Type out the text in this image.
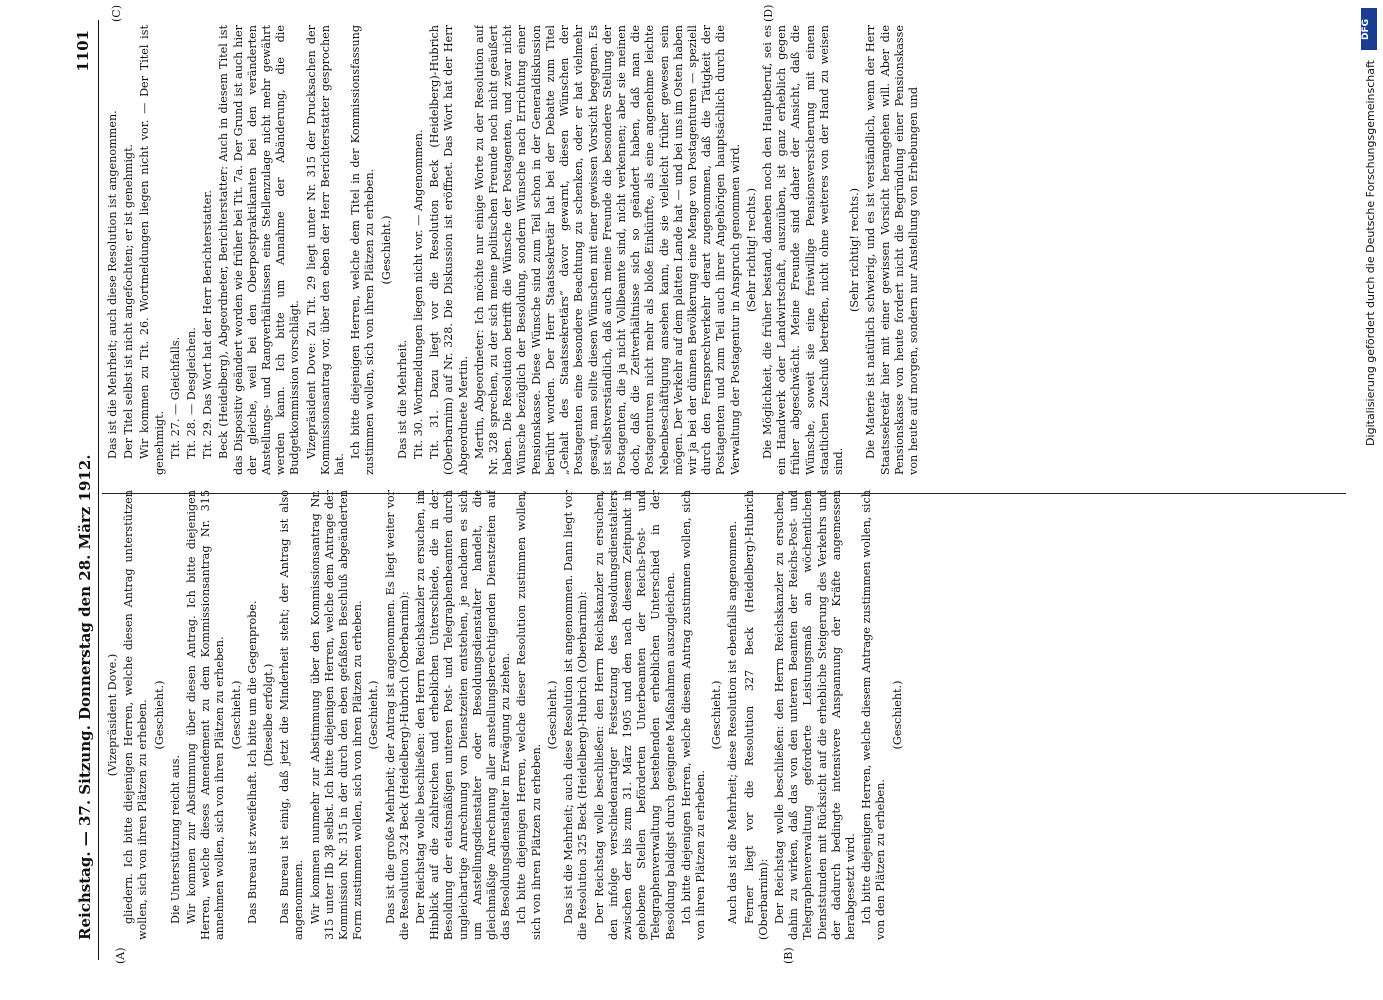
Reichstag. — 37. Sitzung. Donnerstag den 28. März 1912.
1101
(A)	(B)
(C)	(D)

(Vizepräsident Dove.) gliedern. Ich bitte diejenigen Herren, welche diesen Antrag unterstützen wollen, sich von ihren Plätzen zu erheben. (Geschieht.)

Die Unterstützung reicht aus. Wir kommen zur Abstimmung über diesen Antrag. Ich bitte diejenigen Herren, welche dieses Amendement zu dem Kommissionsantrag Nr. 315 annehmen wollen, sich von ihren Plätzen zu erheben. (Geschieht.) Das Bureau ist zweifelhaft. Ich bitte um die Gegenprobe. (Dieselbe erfolgt.) Das Bureau ist einig, daß jetzt die Minderheit steht; der Antrag ist also angenommen. Wir kommen nunmehr zur Abstimmung über den Kommissionsantrag Nr. 315 unter IIb 3β selbst. Ich bitte diejenigen Herren, welche dem Antrage der Kommission Nr. 315 in der durch den eben gefaßten Beschluß abgeänderten Form zustimmen wollen, sich von ihren Plätzen zu erheben. (Geschieht.) Das ist die große Mehrheit; der Antrag ist angenommen. Es liegt weiter vor die Resolution 324 Beck (Heidelberg)-Hubrich (Oberbarnim): Der Reichstag wolle beschließen: den Herrn Reichskanzler zu ersuchen, im Hinblick auf die zahlreichen und erheblichen Unterschiede, die in der Besoldung der etatsmäßigen unteren Post- und Telegraphenbeamten durch ungleichartige Anrechnung von Dienstzeiten entstehen, je nachdem es sich um Anstellungsdienstalter oder Besoldungsdienstalter handelt, die gleichmäßige Anrechnung aller anstellungsberechtigenden Dienstzeiten auf das Besoldungsdienstalter in Erwägung zu ziehen. Ich bitte diejenigen Herren, welche dieser Resolution zustimmen wollen, sich von ihren Plätzen zu erheben.

(Geschieht.) Das ist die Mehrheit; auch diese Resolution ist angenommen. Dann liegt vor die Resolution 325 Beck (Heidelberg)-Hubrich (Oberbarnim): Der Reichstag wolle beschließen: den Herrn Reichskanzler zu ersuchen, den infolge verschiedenartiger Festsetzung des Besoldungsdienstalters zwischen der bis zum 31. März 1905 und den nach diesem Zeitpunkt in gehobene Stellen beförderten Unterbeamten der Reichs-Post- und Telegraphenverwaltung bestehenden erheblichen Unterschied in der Besoldung baldigst durch geeignete Maßnahmen auszugleichen. Ich bitte diejenigen Herren, welche diesem Antrag zustimmen wollen, sich von ihren Plätzen zu erheben.

(Geschieht.) Auch das ist die Mehrheit; diese Resolution ist ebenfalls angenommen. Ferner liegt vor die Resolution 327 Beck (Heidelberg)-Hubrich (Oberbarnim): Der Reichstag wolle beschließen: den Herrn Reichskanzler zu ersuchen, dahin zu wirken, daß das von den unteren Beamten der Reichs-Post- und Telegraphenverwaltung geforderte Leistungsmaß an wöchentlichen Dienststunden mit Rücksicht auf die erhebliche Steigerung des Verkehrs und der dadurch bedingte intensivere Anspannung der Kräfte angemessen herabgesetzt wird. Ich bitte diejenigen Herren, welche diesem Antrage zustimmen wollen, sich von den Plätzen zu erheben.

(Geschieht.)

Das ist die Mehrheit; auch diese Resolution ist angenommen. Der Titel selbst ist nicht angefochten; er ist genehmigt. Wir kommen zu Tit. 26. Wortmeldungen liegen nicht vor. — Der Titel ist genehmigt. Tit. 27. — Gleichfalls. Tit. 28. — Desgleichen. Tit. 29. Das Wort hat der Herr Berichterstatter. Beck (Heidelberg), Abgeordneter, Berichterstatter: Auch in diesem Titel ist das Dispositiv geändert worden wie früher bei Tit. 7a. Der Grund ist auch hier der gleiche, weil bei den Oberpostpraktikanten bei den veränderten Anstellungs- und Rangverhältnissen eine Stellenzulage nicht mehr gewährt werden kann. Ich bitte um Annahme der Abänderung, die die Budgetkommission vorschlägt. Vizepräsident Dove: Zu Tit. 29 liegt unter Nr. 315 der Drucksachen der Kommissionsantrag vor, über den eben der Herr Berichterstatter gesprochen hat.

Ich bitte diejenigen Herren, welche dem Titel in der Kommissionsfassung zustimmen wollen, sich von ihren Plätzen zu erheben. (Geschieht.)

Das ist die Mehrheit. Tit. 30. Wortmeldungen liegen nicht vor. — Angenommen. Tit. 31. Dazu liegt vor die Resolution Beck (Heidelberg)-Hubrich (Oberbarnim) auf Nr. 328. Die Diskussion ist eröffnet. Das Wort hat der Herr Abgeordnete Mertin. Mertin, Abgeordneter: Ich möchte nur einige Worte zu der Resolution auf Nr. 328 sprechen, zu der sich meine politischen Freunde noch nicht geäußert haben. Die Resolution betrifft die Wünsche der Postagenten, und zwar nicht Wünsche bezüglich der Besoldung, sondern Wünsche nach Errichtung einer Pensionskasse. Diese Wünsche sind zum Teil schon in der Generaldiskussion berührt worden. Der Herr Staatssekretär hat bei der Debatte zum Titel „Gehalt des Staatssekretärs“ davor gewarnt, diesen Wünschen der Postagenten eine besondere Beachtung zu schenken, oder er hat vielmehr gesagt, man sollte diesen Wünschen mit einer gewissen Vorsicht begegnen. Es ist selbstverständlich, daß auch meine Freunde die besondere Stellung der Postagenten, die ja nicht Vollbeamte sind, nicht verkennen; aber sie meinen doch, daß die Zeitverhältnisse sich so geändert haben, daß man die Postagenturen nicht mehr als bloße Einkünfte, als eine angenehme leichte Nebenbeschäftigung ansehen kann, die sie vielleicht früher gewesen sein mögen. Der Verkehr auf dem platten Lande hat — und bei uns im Osten haben wir ja bei der dünnen Bevölkerung eine Menge von Postagenturen — speziell durch den Fernsprechverkehr derart zugenommen, daß die Tätigkeit der Postagenten und zum Teil auch ihrer Angehörigen hauptsächlich durch die Verwaltung der Postagentur in Anspruch genommen wird. (Sehr richtig! rechts.) Die Möglichkeit, die früher bestand, daneben noch den Hauptberuf, sei es ein Handwerk oder Landwirtschaft, auszuüben, ist ganz erheblich gegen früher abgeschwächt. Meine Freunde sind daher der Ansicht, daß die Wünsche, soweit sie eine freiwillige Pensionsversicherung mit einem staatlichen Zuschuß betreffen, nicht ohne weiteres von der Hand zu weisen sind.

(Sehr richtig! rechts.) Die Materie ist natürlich schwierig, und es ist verständlich, wenn der Herr Staatssekretär hier mit einer gewissen Vorsicht herangehen will. Aber die Pensionskasse von heute fordert nicht die Begründung einer Pensionskasse von heute auf morgen, sondern nur Anstellung von Erhebungen und

DFG
Digitalisierung gefördert durch die Deutsche Forschungsgemeinschaft
